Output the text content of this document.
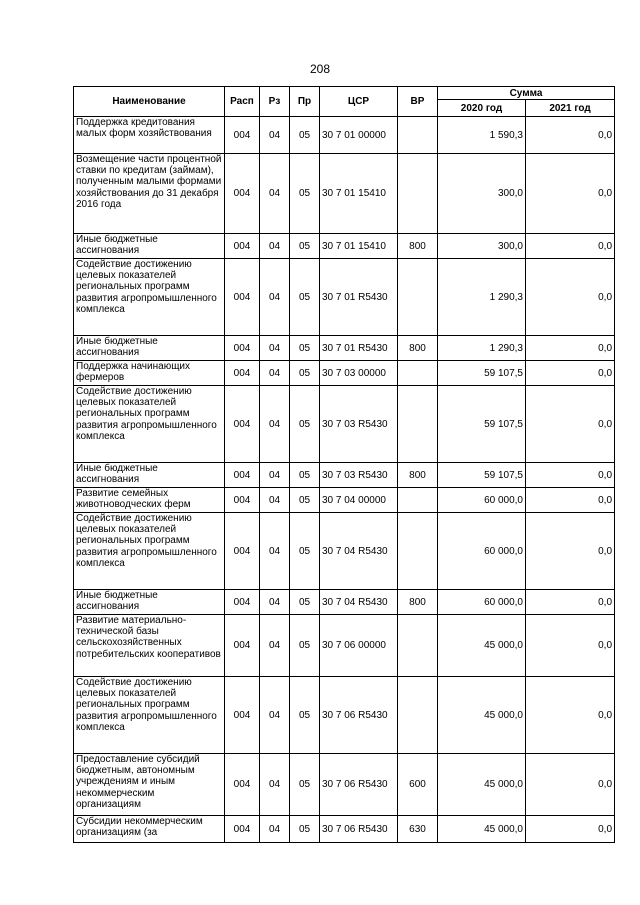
208
Наименование	Расп	Рз	Пр	ЦСР	ВР	Сумма	
						2020 год	2021 год

Поддержка кредитования малых форм хозяйствования	004	04	05	30 7 01 00000		1 590,3	0,0

Возмещение части процентной ставки по кредитам (займам), полученным малыми формами хозяйствования до 31 декабря 2016 года	004	04	05	30 7 01 15410		300,0	0,0

Иные бюджетные ассигнования	004	04	05	30 7 01 15410	800	300,0	0,0

Содействие достижению целевых показателей региональных программ развития агропромышленного комплекса	004	04	05	30 7 01 R5430		1 290,3	0,0

Иные бюджетные ассигнования	004	04	05	30 7 01 R5430	800	1 290,3	0,0

Поддержка начинающих фермеров	004	04	05	30 7 03 00000		59 107,5	0,0

Содействие достижению целевых показателей региональных программ развития агропромышленного комплекса	004	04	05	30 7 03 R5430		59 107,5	0,0

Иные бюджетные ассигнования	004	04	05	30 7 03 R5430	800	59 107,5	0,0

Развитие семейных животноводческих ферм	004	04	05	30 7 04 00000		60 000,0	0,0

Содействие достижению целевых показателей региональных программ развития агропромышленного комплекса	004	04	05	30 7 04 R5430		60 000,0	0,0

Иные бюджетные ассигнования	004	04	05	30 7 04 R5430	800	60 000,0	0,0

Развитие материально-технической базы сельскохозяйственных потребительских кооперативов	004	04	05	30 7 06 00000		45 000,0	0,0

Содействие достижению целевых показателей региональных программ развития агропромышленного комплекса	004	04	05	30 7 06 R5430		45 000,0	0,0

Предоставление субсидий бюджетным, автономным учреждениям и иным некоммерческим организациям	004	04	05	30 7 06 R5430	600	45 000,0	0,0

Субсидии некоммерческим организациям (за	004	04	05	30 7 06 R5430	630	45 000,0	0,0
